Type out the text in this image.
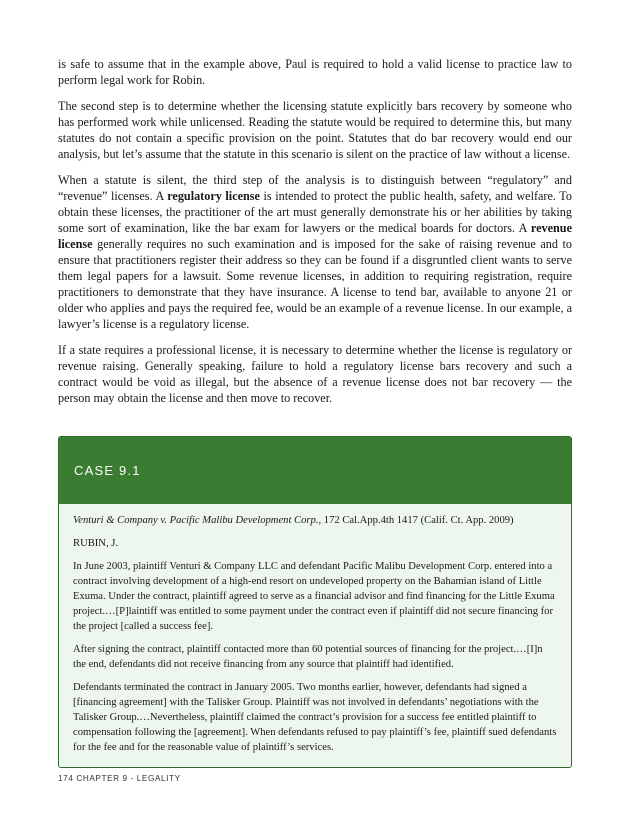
is safe to assume that in the example above, Paul is required to hold a valid license to practice law to perform legal work for Robin.

The second step is to determine whether the licensing statute explicitly bars recovery by someone who has performed work while unlicensed. Reading the statute would be required to determine this, but many statutes do not contain a specific provision on the point. Statutes that do bar recovery would end our analysis, but let’s assume that the statute in this scenario is silent on the practice of law without a license.

When a statute is silent, the third step of the analysis is to distinguish between “regulatory” and “revenue” licenses. A regulatory license is intended to protect the public health, safety, and welfare. To obtain these licenses, the practitioner of the art must generally demonstrate his or her abilities by taking some sort of examination, like the bar exam for lawyers or the medical boards for doctors. A revenue license generally requires no such examination and is imposed for the sake of raising revenue and to ensure that practitioners register their address so they can be found if a disgruntled client wants to serve them legal papers for a lawsuit. Some revenue licenses, in addition to requiring registration, require practitioners to demonstrate that they have insurance. A license to tend bar, available to anyone 21 or older who applies and pays the required fee, would be an example of a revenue license. In our example, a lawyer’s license is a regulatory license.

If a state requires a professional license, it is necessary to determine whether the license is regulatory or revenue raising. Generally speaking, failure to hold a regulatory license bars recovery and such a contract would be void as illegal, but the absence of a revenue license does not bar recovery — the person may obtain the license and then move to recover.

CASE 9.1

Venturi & Company v. Pacific Malibu Development Corp., 172 Cal.App.4th 1417 (Calif. Ct. App. 2009)

RUBIN, J.

In June 2003, plaintiff Venturi & Company LLC and defendant Pacific Malibu Development Corp. entered into a contract involving development of a high-end resort on undeveloped property on the Bahamian island of Little Exuma. Under the contract, plaintiff agreed to serve as a financial advisor and find financing for the Little Exuma project.…[P]laintiff was entitled to some payment under the contract even if plaintiff did not secure financing for the project [called a success fee].

After signing the contract, plaintiff contacted more than 60 potential sources of financing for the project.…[I]n the end, defendants did not receive financing from any source that plaintiff had identified.

Defendants terminated the contract in January 2005. Two months earlier, however, defendants had signed a [financing agreement] with the Talisker Group. Plaintiff was not involved in defendants’ negotiations with the Talisker Group.…Nevertheless, plaintiff claimed the contract’s provision for a success fee entitled plaintiff to compensation following the [agreement]. When defendants refused to pay plaintiff’s fee, plaintiff sued defendants for the fee and for the reasonable value of plaintiff’s services.

174 CHAPTER 9 - LEGALITY
